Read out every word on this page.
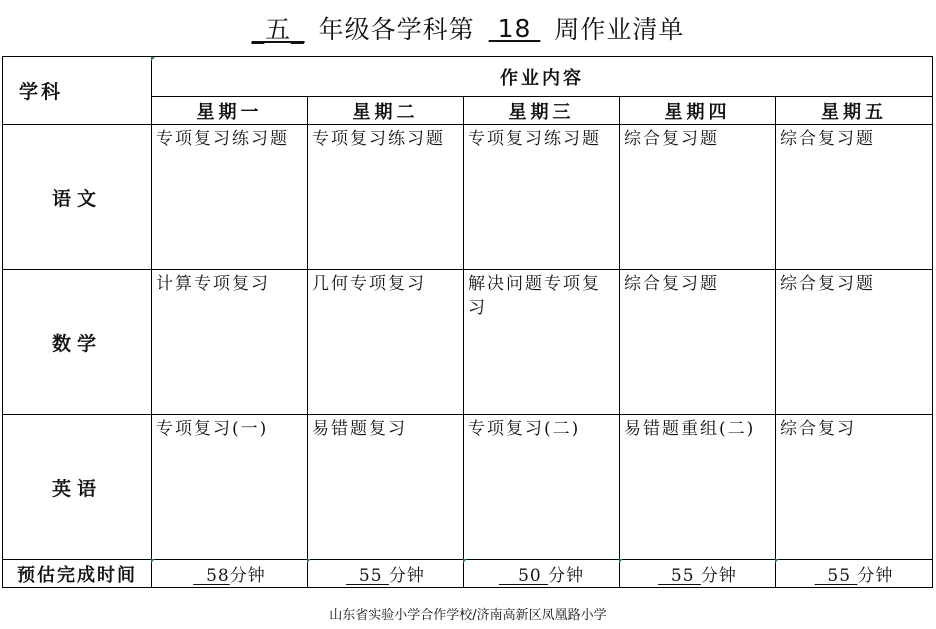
_五_ 年级各学科第 18 周作业清单
学科	作业内容				
	星期一	星期二	星期三	星期四	星期五
语文	专项复习练习题	专项复习练习题	专项复习练习题	综合复习题	综合复习题
数学	计算专项复习	几何专项复习	解决问题专项复习	综合复习题	综合复习题
英语	专项复习(一)	易错题复习	专项复习(二)	易错题重组(二)	综合复习
预估完成时间	58分钟	55 分钟	50 分钟	55 分钟	55 分钟
山东省实验小学合作学校/济南高新区凤凰路小学
